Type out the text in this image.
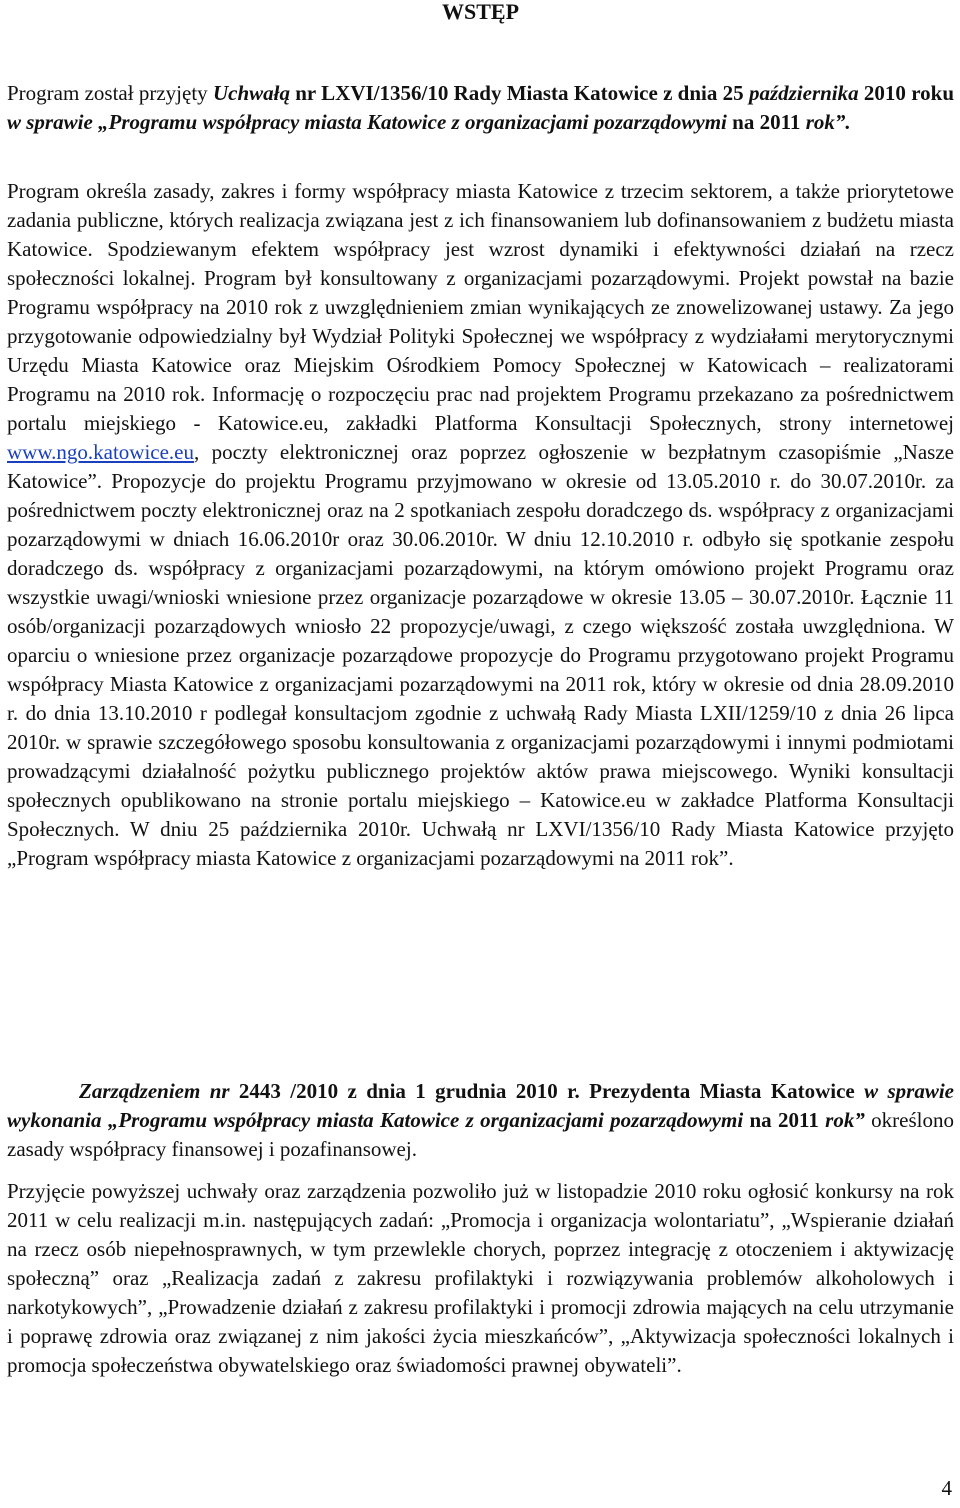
WSTĘP

Program został przyjęty Uchwałą nr LXVI/1356/10 Rady Miasta Katowice z dnia 25 października 2010 roku w sprawie „Programu współpracy miasta Katowice z organizacjami pozarządowymi na 2011 rok”.

Program określa zasady, zakres i formy współpracy miasta Katowice z trzecim sektorem, a także priorytetowe zadania publiczne, których realizacja związana jest z ich finansowaniem lub dofinansowaniem z budżetu miasta Katowice. Spodziewanym efektem współpracy jest wzrost dynamiki i efektywności działań na rzecz społeczności lokalnej. Program był konsultowany z organizacjami pozarządowymi. Projekt powstał na bazie Programu współpracy na 2010 rok z uwzględnieniem zmian wynikających ze znowelizowanej ustawy. Za jego przygotowanie odpowiedzialny był Wydział Polityki Społecznej we współpracy z wydziałami merytorycznymi Urzędu Miasta Katowice oraz Miejskim Ośrodkiem Pomocy Społecznej w Katowicach – realizatorami Programu na 2010 rok. Informację o rozpoczęciu prac nad projektem Programu przekazano za pośrednictwem portalu miejskiego - Katowice.eu, zakładki Platforma Konsultacji Społecznych, strony internetowej www.ngo.katowice.eu, poczty elektronicznej oraz poprzez ogłoszenie w bezpłatnym czasopiśmie „Nasze Katowice”. Propozycje do projektu Programu przyjmowano w okresie od 13.05.2010 r. do 30.07.2010r. za pośrednictwem poczty elektronicznej oraz na 2 spotkaniach zespołu doradczego ds. współpracy z organizacjami pozarządowymi w dniach 16.06.2010r oraz 30.06.2010r. W dniu 12.10.2010 r. odbyło się spotkanie zespołu doradczego ds. współpracy z organizacjami pozarządowymi, na którym omówiono projekt Programu oraz wszystkie uwagi/wnioski wniesione przez organizacje pozarządowe w okresie 13.05 – 30.07.2010r. Łącznie 11 osób/organizacji pozarządowych wniosło 22 propozycje/uwagi, z czego większość została uwzględniona. W oparciu o wniesione przez organizacje pozarządowe propozycje do Programu przygotowano projekt Programu współpracy Miasta Katowice z organizacjami pozarządowymi na 2011 rok, który w okresie od dnia 28.09.2010 r. do dnia 13.10.2010 r podlegał konsultacjom zgodnie z uchwałą Rady Miasta LXII/1259/10 z dnia 26 lipca 2010r. w sprawie szczegółowego sposobu konsultowania z organizacjami pozarządowymi i innymi podmiotami prowadzącymi działalność pożytku publicznego projektów aktów prawa miejscowego. Wyniki konsultacji społecznych opublikowano na stronie portalu miejskiego – Katowice.eu w zakładce Platforma Konsultacji Społecznych. W dniu 25 października 2010r. Uchwałą nr LXVI/1356/10 Rady Miasta Katowice przyjęto „Program współpracy miasta Katowice z organizacjami pozarządowymi na 2011 rok”.

Zarządzeniem nr 2443 /2010 z dnia 1 grudnia 2010 r. Prezydenta Miasta Katowice w sprawie wykonania „Programu współpracy miasta Katowice z organizacjami pozarządowymi na 2011 rok” określono zasady współpracy finansowej i pozafinansowej.

Przyjęcie powyższej uchwały oraz zarządzenia pozwoliło już w listopadzie 2010 roku ogłosić konkursy na rok 2011 w celu realizacji m.in. następujących zadań: „Promocja i organizacja wolontariatu”, „Wspieranie działań na rzecz osób niepełnosprawnych, w tym przewlekle chorych, poprzez integrację z otoczeniem i aktywizację społeczną” oraz „Realizacja zadań z zakresu profilaktyki i rozwiązywania problemów alkoholowych i narkotykowych”, „Prowadzenie działań z zakresu profilaktyki i promocji zdrowia mających na celu utrzymanie i poprawę zdrowia oraz związanej z nim jakości życia mieszkańców”, „Aktywizacja społeczności lokalnych i promocja społeczeństwa obywatelskiego oraz świadomości prawnej obywateli”.

4
